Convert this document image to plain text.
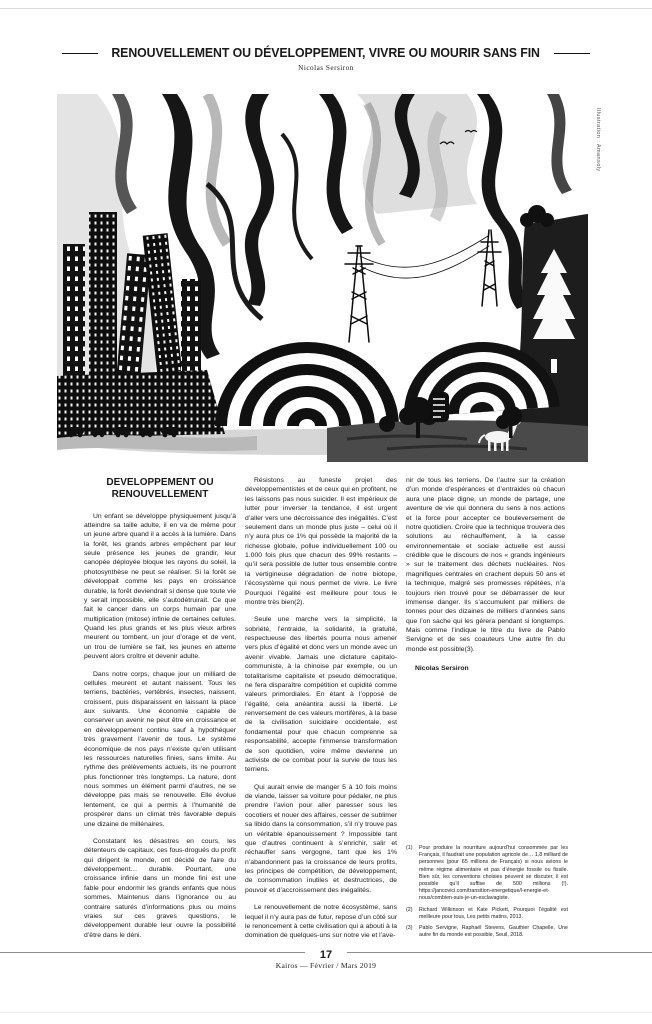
RENOUVELLEMENT OU DÉVELOPPEMENT, VIVRE OU MOURIR SANS FIN
Nicolas Sersiron
Illustration : Amansoly
DEVELOPPEMENT OU RENOUVELLEMENT

Un enfant se développe physiquement jusqu’à atteindre sa taille adulte, il en va de même pour un jeune arbre quand il a accès à la lumière. Dans la forêt, les grands arbres empêchent par leur seule présence les jeunes de grandir, leur canopée déployée bloque les rayons du soleil, la photosynthèse ne peut se réaliser. Si la forêt se développait comme les pays en croissance durable, la forêt deviendrait si dense que toute vie y serait impossible, elle s’autodétruirait. Ce que fait le cancer dans un corps humain par une multiplication (mitose) infinie de certaines cellules. Quand les plus grands et les plus vieux arbres meurent ou tombent, un jour d’orage et de vent, un trou de lumière se fait, les jeunes en attente peuvent alors croître et devenir adulte.

Dans notre corps, chaque jour un milliard de cellules meurent et autant naissent. Tous les terriens, bactéries, vertébrés, insectes, naissent, croissent, puis disparaissent en laissant la place aux suivants. Une économie capable de conserver un avenir ne peut être en croissance et en développement continu sauf à hypothéquer très gravement l’avenir de tous. Le système économique de nos pays n’existe qu’en utilisant les ressources naturelles finies, sans limite. Au rythme des prélèvements actuels, ils ne pourront plus fonctionner très longtemps. La nature, dont nous sommes un élément parmi d’autres, ne se développe pas mais se renouvelle. Elle évolue lentement, ce qui a permis à l’humanité de prospérer dans un climat très favorable depuis une dizaine de millénaires.

Constatant les désastres en cours, les détenteurs de capitaux, ces fous-drogués du profit qui dirigent le monde, ont décidé de faire du développement… durable. Pourtant, une croissance infinie dans un monde fini est une fable pour endormir les grands enfants que nous sommes. Maintenus dans l’ignorance ou au contraire saturés d’informations plus ou moins vraies sur ces graves questions, le développement durable leur ouvre la possibilité d’être dans le déni.

Résistons au funeste projet des développementistes et de ceux qui en profitent, ne les laissons pas nous suicider. Il est impérieux de lutter pour inverser la tendance, il est urgent d’aller vers une décroissance des inégalités. C’est seulement dans un monde plus juste – celui où il n’y aura plus ce 1% qui possède la majorité de la richesse globale, pollue individuellement 100 ou 1.000 fois plus que chacun des 99% restants – qu’il sera possible de lutter tous ensemble contre la vertigineuse dégradation de notre biotope, l’écosystème qui nous permet de vivre. Le livre Pourquoi l’égalité est meilleure pour tous le montre très bien(2).

Seule une marche vers la simplicité, la sobriété, l’entraide, la solidarité, la gratuité, respectueuse des libertés pourra nous amener vers plus d’égalité et donc vers un monde avec un avenir vivable. Jamais une dictature capitalo-communiste, à la chinoise par exemple, ou un totalitarisme capitaliste et pseudo démocratique, ne fera disparaître compétition et cupidité comme valeurs primordiales. En étant à l’opposé de l’égalité, cela anéantira aussi la liberté. Le renversement de ces valeurs mortifères, à la base de la civilisation suicidaire occidentale, est fondamental pour que chacun comprenne sa responsabilité, accepte l’immense transformation de son quotidien, voire même devienne un activiste de ce combat pour la survie de tous les terriens.

Qui aurait envie de manger 5 à 10 fois moins de viande, laisser sa voiture pour pédaler, ne plus prendre l’avion pour aller paresser sous les cocotiers et nouer des affaires, cesser de sublimer sa libido dans la consommation, s’il n’y trouve pas un véritable épanouissement ? Impossible tant que d’autres continuent à s’enrichir, salir et réchauffer sans vergogne, tant que les 1% n’abandonnent pas la croissance de leurs profits, les principes de compétition, de développement, de consommation inutiles et destructrices, de pouvoir et d’accroissement des inégalités.

Le renouvellement de notre écosystème, sans lequel il n’y aura pas de futur, repose d’un côté sur le renoncement à cette civilisation qui a abouti à la domination de quelques-uns sur notre vie et l’ave-

nir de tous les terriens. De l’autre sur la création d’un monde d’espérances et d’entraides où chacun aura une place digne, un monde de partage, une aventure de vie qui donnera du sens à nos actions et la force pour accepter ce bouleversement de notre quotidien. Croire que la technique trouvera des solutions au réchauffement, à la casse environnementale et sociale actuelle est aussi crédible que le discours de nos « grands ingénieurs » sur le traitement des déchets nucléaires. Nos magnifiques centrales en crachent depuis 50 ans et la technique, malgré ses promesses répétées, n’a toujours rien trouvé pour se débarrasser de leur immense danger. Ils s’accumulent par milliers de tonnes pour des dizaines de milliers d’années sans que l’on sache qui les gérera pendant si longtemps. Mais comme l’indique le titre du livre de Pablo Servigne et de ses coauteurs Une autre fin du monde est possible(3).

Nicolas Sersiron
(1)	Pour produire la nourriture aujourd’hui consommée par les Français, il faudrait une population agricole de… 1,8 milliard de personnes (pour 65 millions de Français) si nous avions le même régime alimentaire et pas d’énergie fossile ou fissile. Bien sûr, les conventions choisies peuvent se discuter, il est possible qu’il suffise de 500 millions (!). https://jancovici.com/transition-energetique/l-energie-et-nous/combien-suis-je-un-esclavagiste.
(2)	Richard Wilkinson et Kate Pickett, Pourquoi l’égalité est meilleure pour tous, Les petits matins, 2013.
(3)	Pablo Servigne, Raphaël Stevens, Gauthier Chapelle, Une autre fin du monde est possible, Seuil, 2018.
17
Kairos — Février / Mars 2019
